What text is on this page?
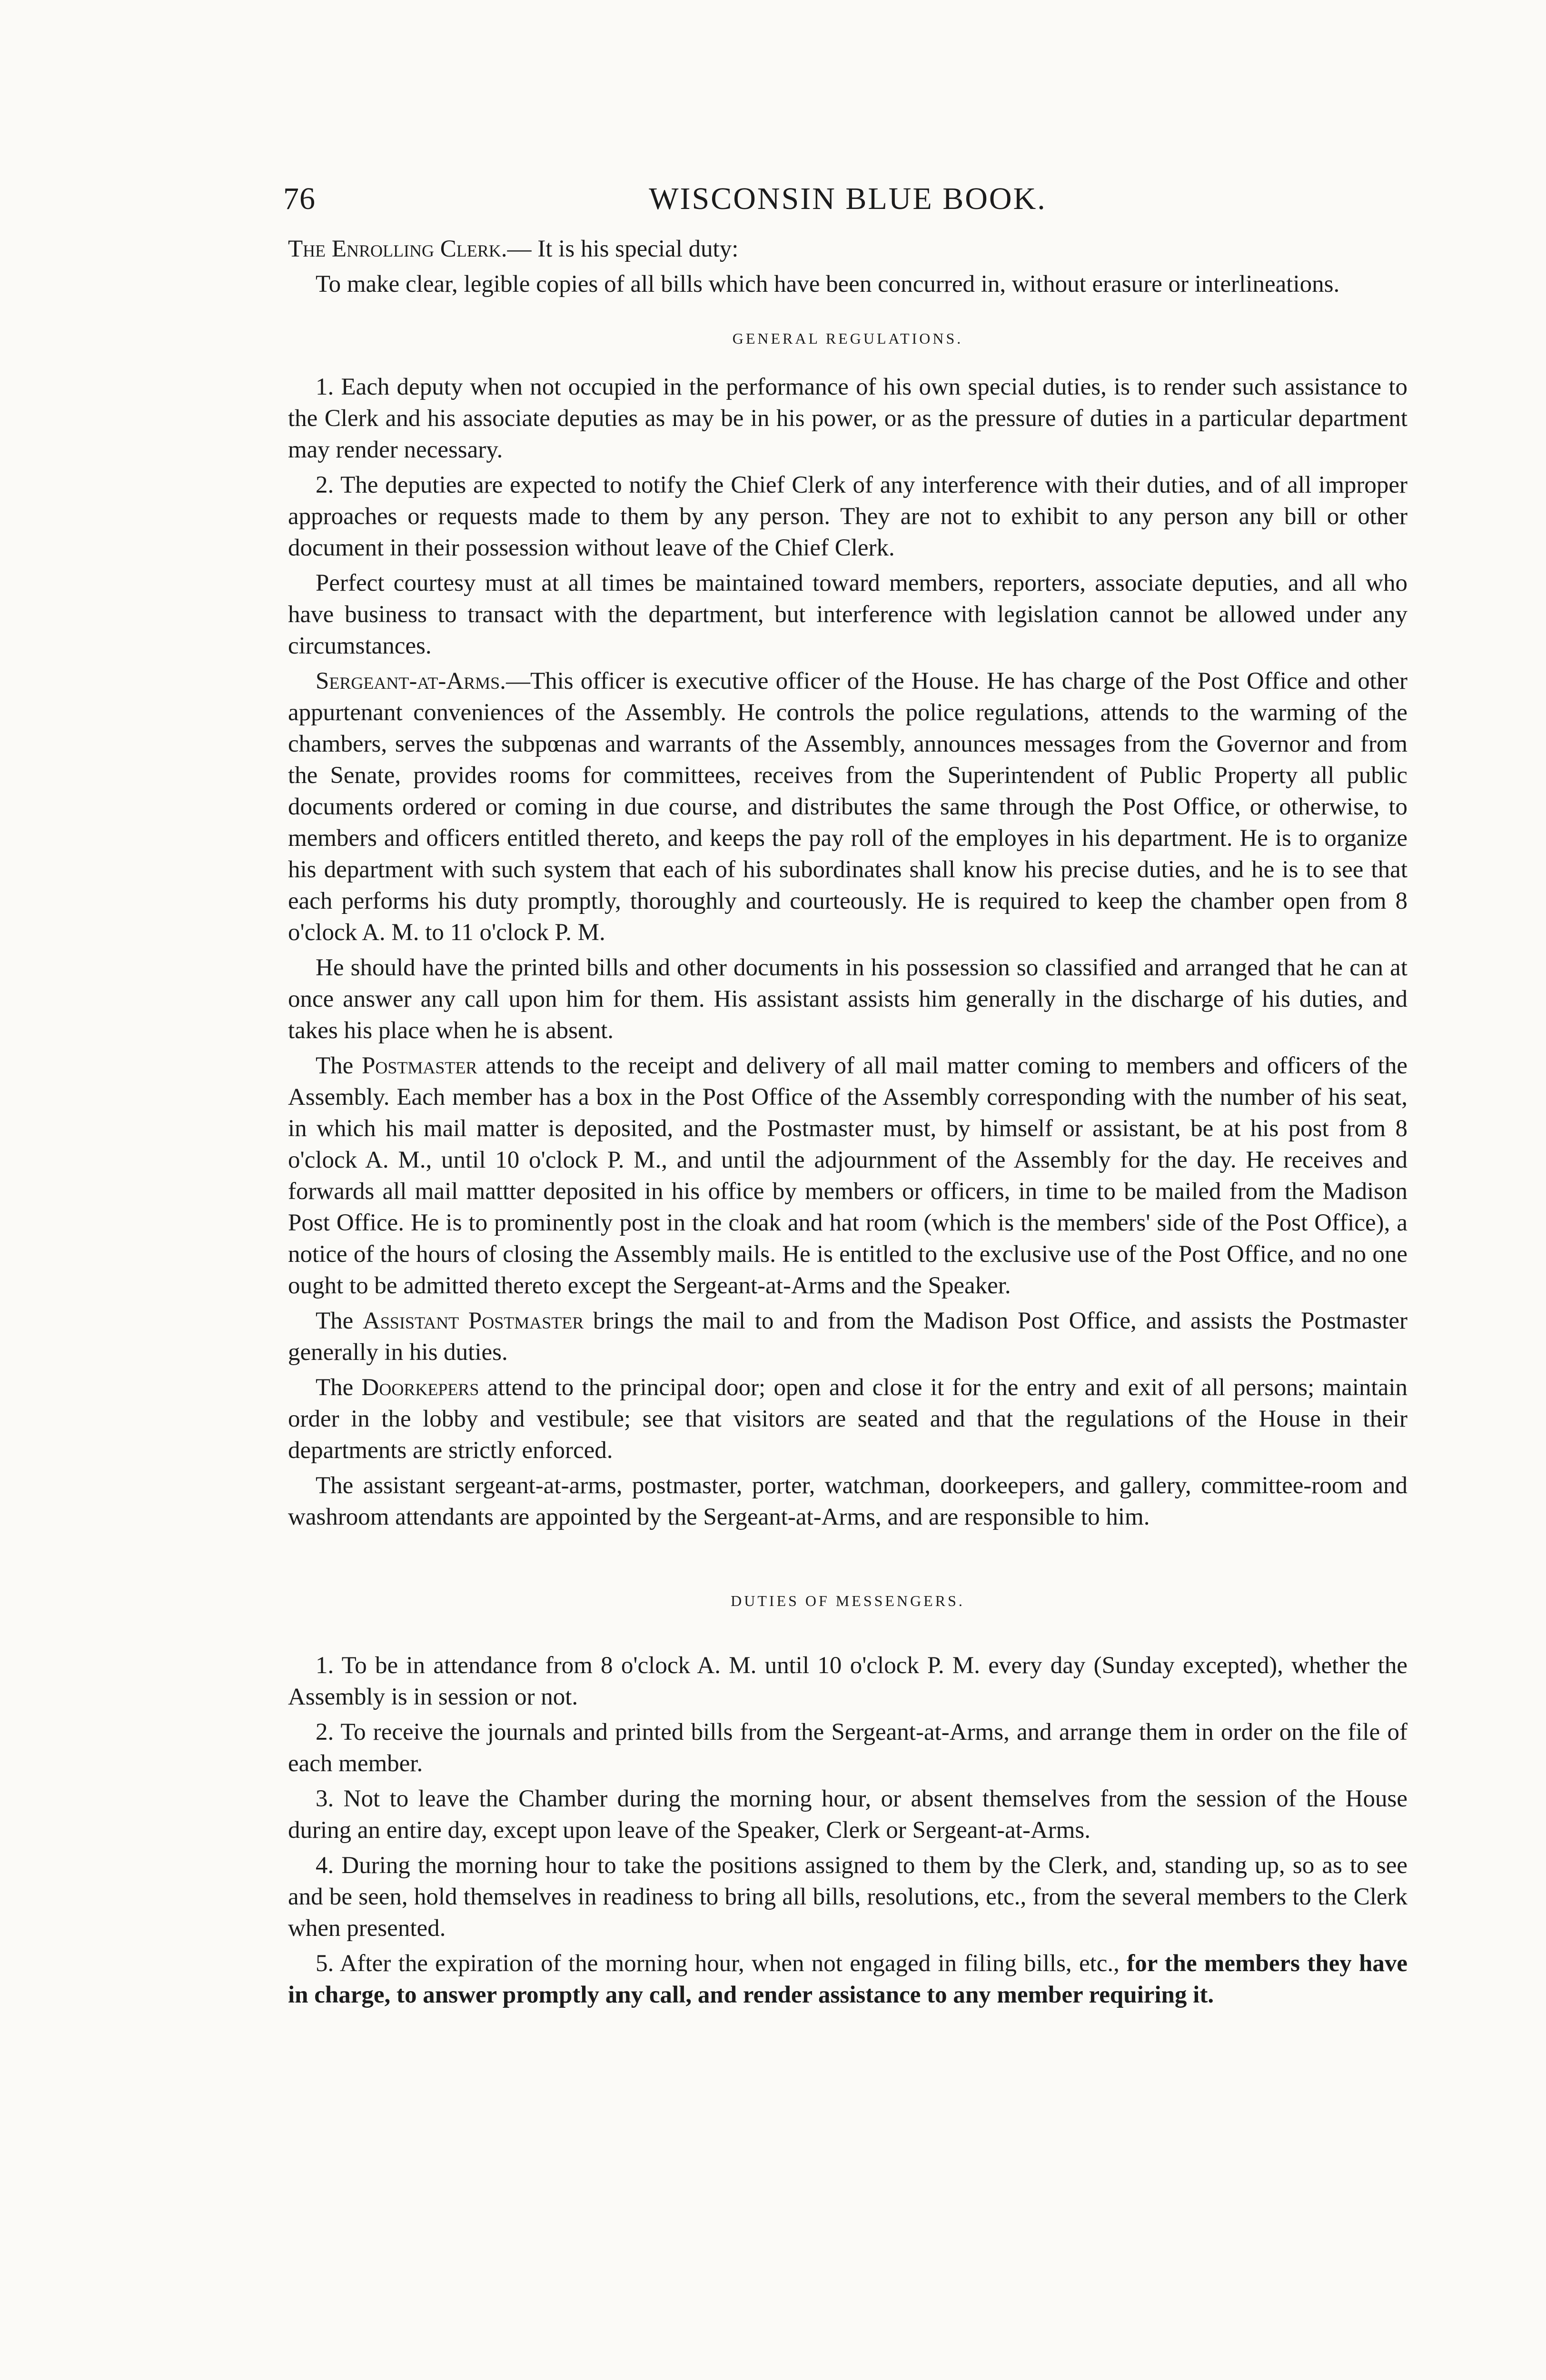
76	WISCONSIN BLUE BOOK.

The Enrolling Clerk.— It is his special duty:

To make clear, legible copies of all bills which have been concurred in, without erasure or interlineations.

GENERAL REGULATIONS.

1. Each deputy when not occupied in the performance of his own special duties, is to render such assistance to the Clerk and his associate deputies as may be in his power, or as the pressure of duties in a particular department may render necessary.

2. The deputies are expected to notify the Chief Clerk of any interference with their duties, and of all improper approaches or requests made to them by any person. They are not to exhibit to any person any bill or other document in their possession without leave of the Chief Clerk.

Perfect courtesy must at all times be maintained toward members, reporters, associate deputies, and all who have business to transact with the department, but interference with legislation cannot be allowed under any circumstances.

Sergeant-at-Arms.—This officer is executive officer of the House. He has charge of the Post Office and other appurtenant conveniences of the Assembly. He controls the police regulations, attends to the warming of the chambers, serves the subpœnas and warrants of the Assembly, announces messages from the Governor and from the Senate, provides rooms for committees, receives from the Superintendent of Public Property all public documents ordered or coming in due course, and distributes the same through the Post Office, or otherwise, to members and officers entitled thereto, and keeps the pay roll of the employes in his department. He is to organize his department with such system that each of his subordinates shall know his precise duties, and he is to see that each performs his duty promptly, thoroughly and courteously. He is required to keep the chamber open from 8 o'clock A. M. to 11 o'clock P. M.

He should have the printed bills and other documents in his possession so classified and arranged that he can at once answer any call upon him for them. His assistant assists him generally in the discharge of his duties, and takes his place when he is absent.

The Postmaster attends to the receipt and delivery of all mail matter coming to members and officers of the Assembly. Each member has a box in the Post Office of the Assembly corresponding with the number of his seat, in which his mail matter is deposited, and the Postmaster must, by himself or assistant, be at his post from 8 o'clock A. M., until 10 o'clock P. M., and until the adjournment of the Assembly for the day. He receives and forwards all mail mattter deposited in his office by members or officers, in time to be mailed from the Madison Post Office. He is to prominently post in the cloak and hat room (which is the members' side of the Post Office), a notice of the hours of closing the Assembly mails. He is entitled to the exclusive use of the Post Office, and no one ought to be admitted thereto except the Sergeant-at-Arms and the Speaker.

The Assistant Postmaster brings the mail to and from the Madison Post Office, and assists the Postmaster generally in his duties.

The Doorkepers attend to the principal door; open and close it for the entry and exit of all persons; maintain order in the lobby and vestibule; see that visitors are seated and that the regulations of the House in their departments are strictly enforced.

The assistant sergeant-at-arms, postmaster, porter, watchman, doorkeepers, and gallery, committee-room and washroom attendants are appointed by the Sergeant-at-Arms, and are responsible to him.

DUTIES OF MESSENGERS.

1. To be in attendance from 8 o'clock A. M. until 10 o'clock P. M. every day (Sunday excepted), whether the Assembly is in session or not.

2. To receive the journals and printed bills from the Sergeant-at-Arms, and arrange them in order on the file of each member.

3. Not to leave the Chamber during the morning hour, or absent themselves from the session of the House during an entire day, except upon leave of the Speaker, Clerk or Sergeant-at-Arms.

4. During the morning hour to take the positions assigned to them by the Clerk, and, standing up, so as to see and be seen, hold themselves in readiness to bring all bills, resolutions, etc., from the several members to the Clerk when presented.

5. After the expiration of the morning hour, when not engaged in filing bills, etc., for the members they have in charge, to answer promptly any call, and render assistance to any member requiring it.
